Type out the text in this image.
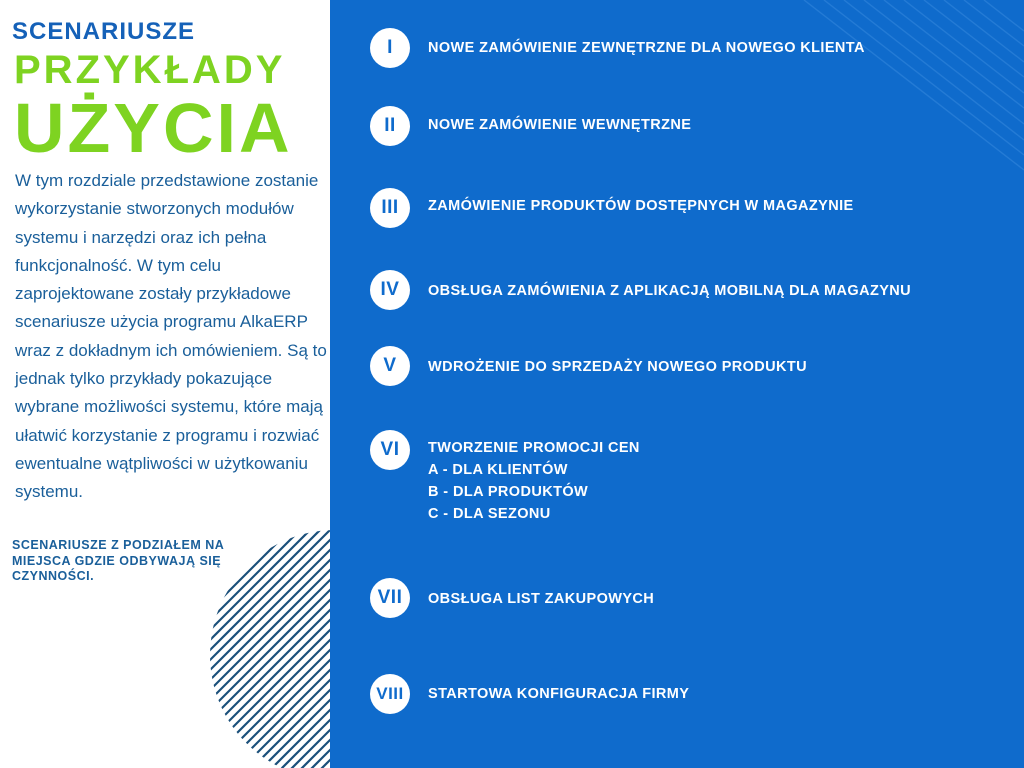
SCENARIUSZE
PRZYKŁADY
UŻYCIA

W tym rozdziale przedstawione zostanie wykorzystanie stworzonych modułów systemu i narzędzi oraz ich pełna funkcjonalność. W tym celu zaprojektowane zostały przykładowe scenariusze użycia programu AlkaERP wraz z dokładnym ich omówieniem. Są to jednak tylko przykłady pokazujące wybrane możliwości systemu, które mają ułatwić korzystanie z programu i rozwiać ewentualne wątpliwości w użytkowaniu systemu.

SCENARIUSZE Z PODZIAŁEM NA MIEJSCA GDZIE ODBYWAJĄ SIĘ CZYNNOŚCI.
I	NOWE ZAMÓWIENIE ZEWNĘTRZNE DLA NOWEGO KLIENTA
II	NOWE ZAMÓWIENIE WEWNĘTRZNE
III	ZAMÓWIENIE PRODUKTÓW DOSTĘPNYCH W MAGAZYNIE
IV	OBSŁUGA ZAMÓWIENIA Z APLIKACJĄ MOBILNĄ DLA MAGAZYNU
V	WDROŻENIE DO SPRZEDAŻY NOWEGO PRODUKTU
VI	TWORZENIE PROMOCJI CEN
A - DLA KLIENTÓW
B - DLA PRODUKTÓW
C - DLA SEZONU
VII	OBSŁUGA LIST ZAKUPOWYCH
VIII	STARTOWA KONFIGURACJA FIRMY
